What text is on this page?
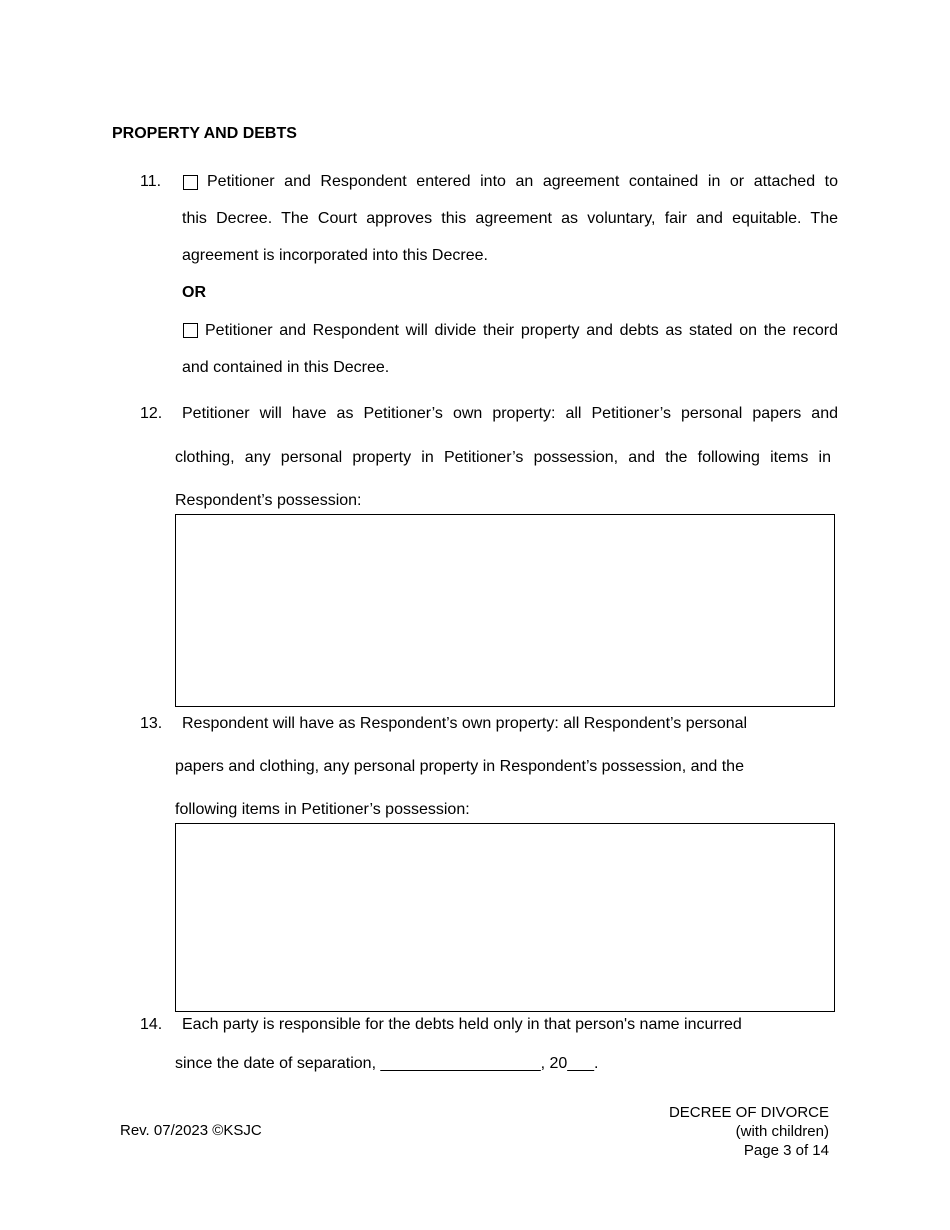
PROPERTY AND DEBTS
11.	Petitioner and Respondent entered into an agreement contained in or attached to
this Decree. The Court approves this agreement as voluntary, fair and equitable. The
agreement is incorporated into this Decree.
OR
Petitioner and Respondent will divide their property and debts as stated on the record
and contained in this Decree.
12. Petitioner will have as Petitioner’s own property: all Petitioner’s personal papers and
clothing, any personal property in Petitioner’s possession, and the following items in
Respondent’s possession:
13. Respondent will have as Respondent’s own property: all Respondent’s personal
papers and clothing, any personal property in Respondent’s possession, and the
following items in Petitioner’s possession:
14. Each party is responsible for the debts held only in that person's name incurred
since the date of separation, __________________, 20___.
Rev. 07/2023 ©KSJC
DECREE OF DIVORCE
(with children)
Page 3 of 14
